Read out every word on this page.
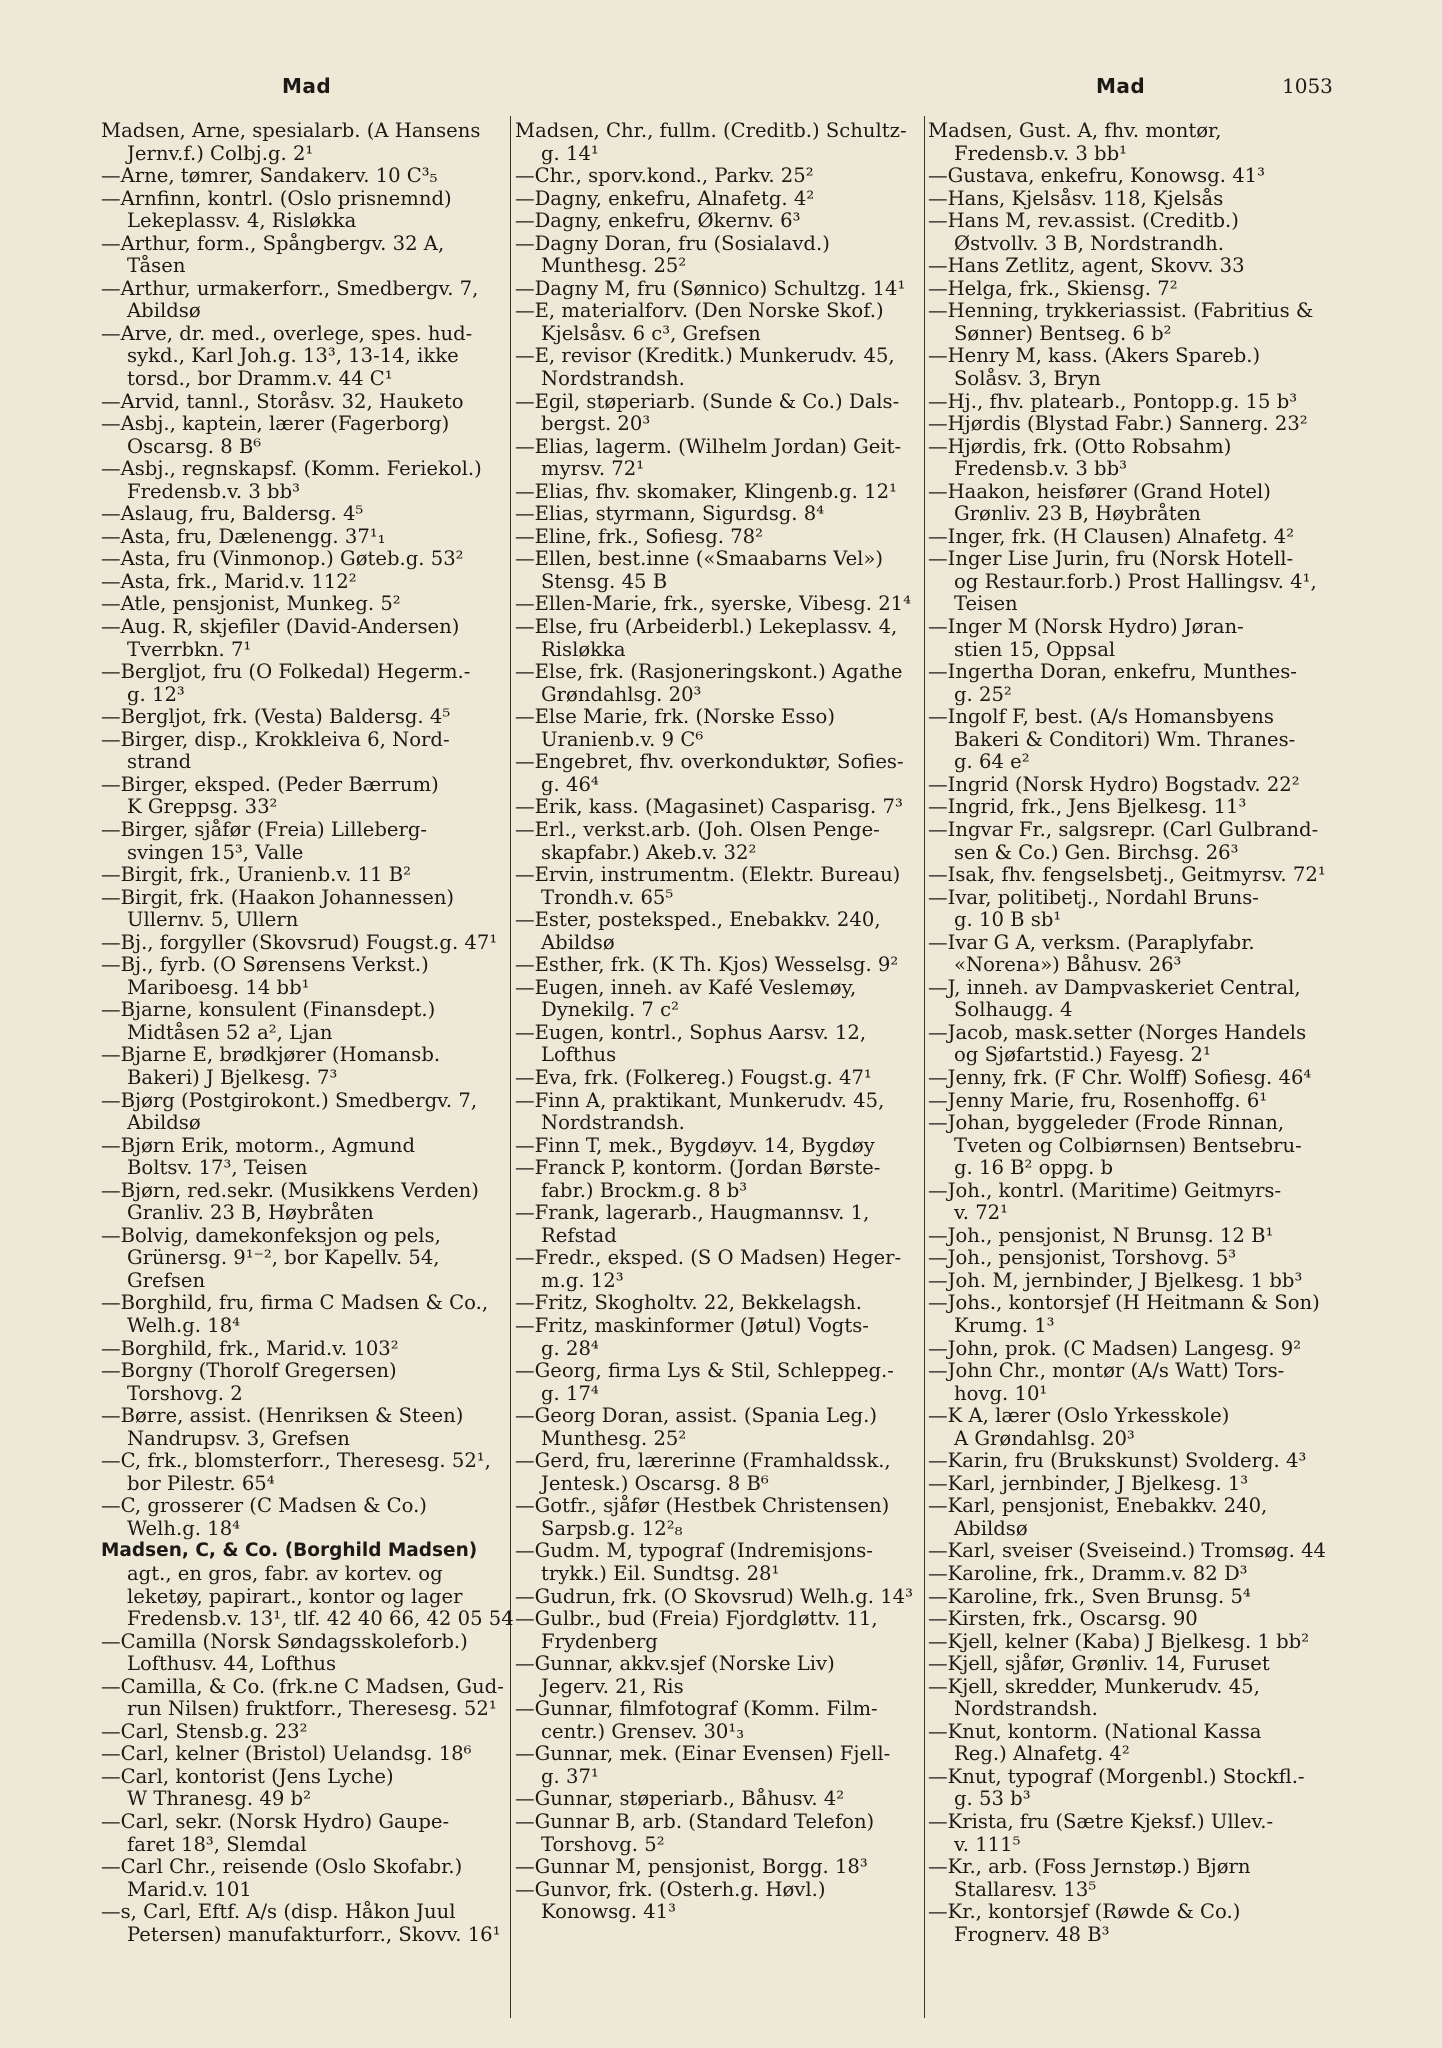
Mad	Mad	1053
Madsen, Arne, spesialarb. (A Hansens
Jernv.f.) Colbj.g. 2¹
—Arne, tømrer, Sandakerv. 10 C³₅
—Arnfinn, kontrl. (Oslo prisnemnd)
Lekeplassv. 4, Risløkka
—Arthur, form., Spångbergv. 32 A,
Tåsen
—Arthur, urmakerforr., Smedbergv. 7,
Abildsø
—Arve, dr. med., overlege, spes. hud-
sykd., Karl Joh.g. 13³, 13-14, ikke
torsd., bor Dramm.v. 44 C¹
—Arvid, tannl., Storåsv. 32, Hauketo
—Asbj., kaptein, lærer (Fagerborg)
Oscarsg. 8 B⁶
—Asbj., regnskapsf. (Komm. Feriekol.)
Fredensb.v. 3 bb³
—Aslaug, fru, Baldersg. 4⁵
—Asta, fru, Dælenengg. 37¹₁
—Asta, fru (Vinmonop.) Gøteb.g. 53²
—Asta, frk., Marid.v. 112²
—Atle, pensjonist, Munkeg. 5²
—Aug. R, skjefiler (David-Andersen)
Tverrbkn. 7¹
—Bergljot, fru (O Folkedal) Hegerm.-
g. 12³
—Bergljot, frk. (Vesta) Baldersg. 4⁵
—Birger, disp., Krokkleiva 6, Nord-
strand
—Birger, eksped. (Peder Bærrum)
K Greppsg. 33²
—Birger, sjåfør (Freia) Lilleberg-
svingen 15³, Valle
—Birgit, frk., Uranienb.v. 11 B²
—Birgit, frk. (Haakon Johannessen)
Ullernv. 5, Ullern
—Bj., forgyller (Skovsrud) Fougst.g. 47¹
—Bj., fyrb. (O Sørensens Verkst.)
Mariboesg. 14 bb¹
—Bjarne, konsulent (Finansdept.)
Midtåsen 52 a², Ljan
—Bjarne E, brødkjører (Homansb.
Bakeri) J Bjelkesg. 7³
—Bjørg (Postgirokont.) Smedbergv. 7,
Abildsø
—Bjørn Erik, motorm., Agmund
Boltsv. 17³, Teisen
—Bjørn, red.sekr. (Musikkens Verden)
Granliv. 23 B, Høybråten
—Bolvig, damekonfeksjon og pels,
Grünersg. 9¹⁻², bor Kapellv. 54,
Grefsen
—Borghild, fru, firma C Madsen & Co.,
Welh.g. 18⁴
—Borghild, frk., Marid.v. 103²
—Borgny (Thorolf Gregersen)
Torshovg. 2
—Børre, assist. (Henriksen & Steen)
Nandrupsv. 3, Grefsen
—C, frk., blomsterforr., Theresesg. 52¹,
bor Pilestr. 65⁴
—C, grosserer (C Madsen & Co.)
Welh.g. 18⁴
Madsen, C, & Co. (Borghild Madsen)
agt., en gros, fabr. av kortev. og
leketøy, papirart., kontor og lager
Fredensb.v. 13¹, tlf. 42 40 66, 42 05 54
—Camilla (Norsk Søndagsskoleforb.)
Lofthusv. 44, Lofthus
—Camilla, & Co. (frk.ne C Madsen, Gud-
run Nilsen) fruktforr., Theresesg. 52¹
—Carl, Stensb.g. 23²
—Carl, kelner (Bristol) Uelandsg. 18⁶
—Carl, kontorist (Jens Lyche)
W Thranesg. 49 b²
—Carl, sekr. (Norsk Hydro) Gaupe-
faret 18³, Slemdal
—Carl Chr., reisende (Oslo Skofabr.)
Marid.v. 101
—s, Carl, Eftf. A/s (disp. Håkon Juul
Petersen) manufakturforr., Skovv. 16¹
Madsen, Chr., fullm. (Creditb.) Schultz-
g. 14¹
—Chr., sporv.kond., Parkv. 25²
—Dagny, enkefru, Alnafetg. 4²
—Dagny, enkefru, Økernv. 6³
—Dagny Doran, fru (Sosialavd.)
Munthesg. 25²
—Dagny M, fru (Sønnico) Schultzg. 14¹
—E, materialforv. (Den Norske Skof.)
Kjelsåsv. 6 c³, Grefsen
—E, revisor (Kreditk.) Munkerudv. 45,
Nordstrandsh.
—Egil, støperiarb. (Sunde & Co.) Dals-
bergst. 20³
—Elias, lagerm. (Wilhelm Jordan) Geit-
myrsv. 72¹
—Elias, fhv. skomaker, Klingenb.g. 12¹
—Elias, styrmann, Sigurdsg. 8⁴
—Eline, frk., Sofiesg. 78²
—Ellen, best.inne («Smaabarns Vel»)
Stensg. 45 B
—Ellen-Marie, frk., syerske, Vibesg. 21⁴
—Else, fru (Arbeiderbl.) Lekeplassv. 4,
Risløkka
—Else, frk. (Rasjoneringskont.) Agathe
Grøndahlsg. 20³
—Else Marie, frk. (Norske Esso)
Uranienb.v. 9 C⁶
—Engebret, fhv. overkonduktør, Sofies-
g. 46⁴
—Erik, kass. (Magasinet) Casparisg. 7³
—Erl., verkst.arb. (Joh. Olsen Penge-
skapfabr.) Akeb.v. 32²
—Ervin, instrumentm. (Elektr. Bureau)
Trondh.v. 65⁵
—Ester, posteksped., Enebakkv. 240,
Abildsø
—Esther, frk. (K Th. Kjos) Wesselsg. 9²
—Eugen, inneh. av Kafé Veslemøy,
Dynekilg. 7 c²
—Eugen, kontrl., Sophus Aarsv. 12,
Lofthus
—Eva, frk. (Folkereg.) Fougst.g. 47¹
—Finn A, praktikant, Munkerudv. 45,
Nordstrandsh.
—Finn T, mek., Bygdøyv. 14, Bygdøy
—Franck P, kontorm. (Jordan Børste-
fabr.) Brockm.g. 8 b³
—Frank, lagerarb., Haugmannsv. 1,
Refstad
—Fredr., eksped. (S O Madsen) Heger-
m.g. 12³
—Fritz, Skogholtv. 22, Bekkelagsh.
—Fritz, maskinformer (Jøtul) Vogts-
g. 28⁴
—Georg, firma Lys & Stil, Schleppeg.-
g. 17⁴
—Georg Doran, assist. (Spania Leg.)
Munthesg. 25²
—Gerd, fru, lærerinne (Framhaldssk.,
Jentesk.) Oscarsg. 8 B⁶
—Gotfr., sjåfør (Hestbek Christensen)
Sarpsb.g. 12²₈
—Gudm. M, typograf (Indremisjons-
trykk.) Eil. Sundtsg. 28¹
—Gudrun, frk. (O Skovsrud) Welh.g. 14³
—Gulbr., bud (Freia) Fjordgløttv. 11,
Frydenberg
—Gunnar, akkv.sjef (Norske Liv)
Jegerv. 21, Ris
—Gunnar, filmfotograf (Komm. Film-
centr.) Grensev. 30¹₃
—Gunnar, mek. (Einar Evensen) Fjell-
g. 37¹
—Gunnar, støperiarb., Båhusv. 4²
—Gunnar B, arb. (Standard Telefon)
Torshovg. 5²
—Gunnar M, pensjonist, Borgg. 18³
—Gunvor, frk. (Osterh.g. Høvl.)
Konowsg. 41³
Madsen, Gust. A, fhv. montør,
Fredensb.v. 3 bb¹
—Gustava, enkefru, Konowsg. 41³
—Hans, Kjelsåsv. 118, Kjelsås
—Hans M, rev.assist. (Creditb.)
Østvollv. 3 B, Nordstrandh.
—Hans Zetlitz, agent, Skovv. 33
—Helga, frk., Skiensg. 7²
—Henning, trykkeriassist. (Fabritius &
Sønner) Bentseg. 6 b²
—Henry M, kass. (Akers Spareb.)
Solåsv. 3, Bryn
—Hj., fhv. platearb., Pontopp.g. 15 b³
—Hjørdis (Blystad Fabr.) Sannerg. 23²
—Hjørdis, frk. (Otto Robsahm)
Fredensb.v. 3 bb³
—Haakon, heisfører (Grand Hotel)
Grønliv. 23 B, Høybråten
—Inger, frk. (H Clausen) Alnafetg. 4²
—Inger Lise Jurin, fru (Norsk Hotell-
og Restaur.forb.) Prost Hallingsv. 4¹,
Teisen
—Inger M (Norsk Hydro) Jøran-
stien 15, Oppsal
—Ingertha Doran, enkefru, Munthes-
g. 25²
—Ingolf F, best. (A/s Homansbyens
Bakeri & Conditori) Wm. Thranes-
g. 64 e²
—Ingrid (Norsk Hydro) Bogstadv. 22²
—Ingrid, frk., Jens Bjelkesg. 11³
—Ingvar Fr., salgsrepr. (Carl Gulbrand-
sen & Co.) Gen. Birchsg. 26³
—Isak, fhv. fengselsbetj., Geitmyrsv. 72¹
—Ivar, politibetj., Nordahl Bruns-
g. 10 B sb¹
—Ivar G A, verksm. (Paraplyfabr.
«Norena») Båhusv. 26³
—J, inneh. av Dampvaskeriet Central,
Solhaugg. 4
—Jacob, mask.setter (Norges Handels
og Sjøfartstid.) Fayesg. 2¹
—Jenny, frk. (F Chr. Wolff) Sofiesg. 46⁴
—Jenny Marie, fru, Rosenhoffg. 6¹
—Johan, byggeleder (Frode Rinnan,
Tveten og Colbiørnsen) Bentsebru-
g. 16 B² oppg. b
—Joh., kontrl. (Maritime) Geitmyrs-
v. 72¹
—Joh., pensjonist, N Brunsg. 12 B¹
—Joh., pensjonist, Torshovg. 5³
—Joh. M, jernbinder, J Bjelkesg. 1 bb³
—Johs., kontorsjef (H Heitmann & Son)
Krumg. 1³
—John, prok. (C Madsen) Langesg. 9²
—John Chr., montør (A/s Watt) Tors-
hovg. 10¹
—K A, lærer (Oslo Yrkesskole)
A Grøndahlsg. 20³
—Karin, fru (Brukskunst) Svolderg. 4³
—Karl, jernbinder, J Bjelkesg. 1³
—Karl, pensjonist, Enebakkv. 240,
Abildsø
—Karl, sveiser (Sveiseind.) Tromsøg. 44
—Karoline, frk., Dramm.v. 82 D³
—Karoline, frk., Sven Brunsg. 5⁴
—Kirsten, frk., Oscarsg. 90
—Kjell, kelner (Kaba) J Bjelkesg. 1 bb²
—Kjell, sjåfør, Grønliv. 14, Furuset
—Kjell, skredder, Munkerudv. 45,
Nordstrandsh.
—Knut, kontorm. (National Kassa
Reg.) Alnafetg. 4²
—Knut, typograf (Morgenbl.) Stockfl.-
g. 53 b³
—Krista, fru (Sætre Kjeksf.) Ullev.-
v. 111⁵
—Kr., arb. (Foss Jernstøp.) Bjørn
Stallaresv. 13⁵
—Kr., kontorsjef (Røwde & Co.)
Frognerv. 48 B³
